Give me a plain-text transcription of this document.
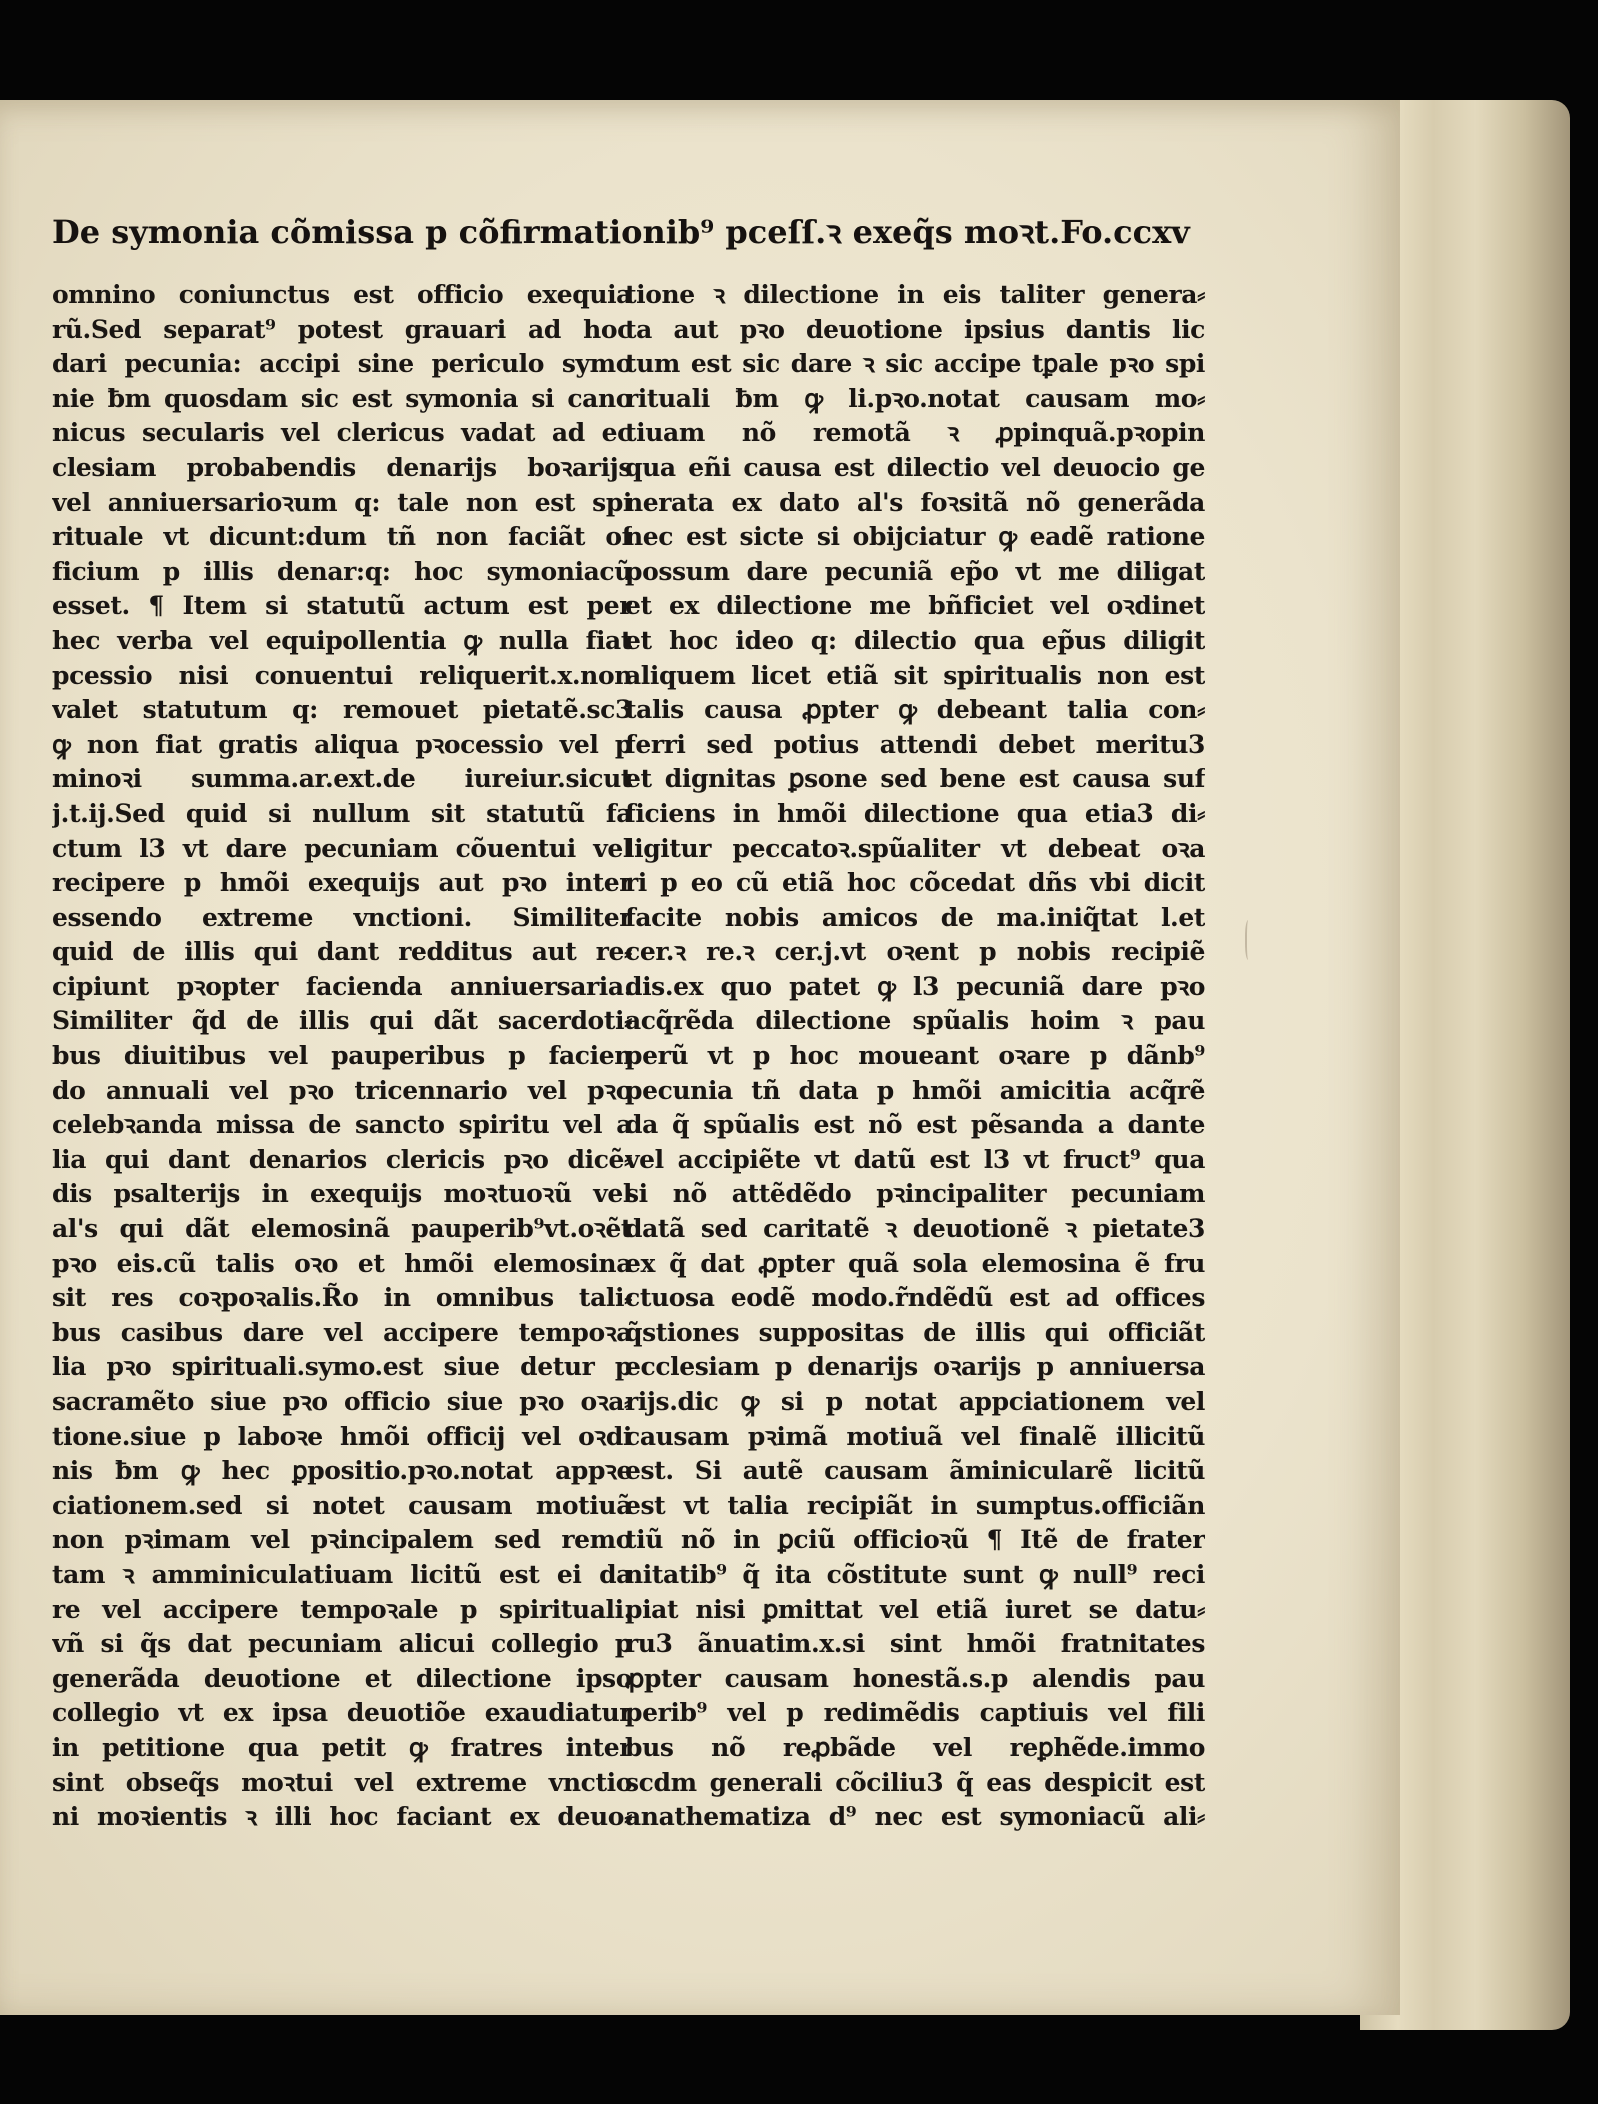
De symonia cõmissa p cõfirmationib⁹ pceſſ.ꝛ exeq̃s moꝛt.Fo.ccxv
omnino coniunctus est officio exequia
rũ.Sed separat⁹ potest grauari ad hoc
dari pecunia: accipi sine periculo symo
nie ƀm quosdam sic est symonia si cano
nicus secularis vel clericus vadat ad ec
clesiam probabendis denarijs boꝛarijs
vel anniuersarioꝛum q: tale non est spi
rituale vt dicunt:dum tñ non faciãt of
ficium p illis denar:q: hoc symoniacũ
esset. ¶ Item si statutũ actum est per
hec verba vel equipollentia ꝙ nulla fiat
pcessio nisi conuentui reliquerit.x.non
valet statutum q: remouet pietatẽ.sc3
ꝙ non fiat gratis aliqua pꝛocessio vel p
minoꝛi summa.ar.ext.de iureiur.sicut
j.t.ij.Sed quid si nullum sit statutũ fa
ctum l3 vt dare pecuniam cõuentui vel
recipere p hmõi exequijs aut pꝛo inter
essendo extreme vnctioni. Similiter
quid de illis qui dant redditus aut re⸗
cipiunt pꝛopter facienda anniuersaria.
Similiter q̃d de illis qui dãt sacerdoti⸗
bus diuitibus vel pauperibus p facien
do annuali vel pꝛo tricennario vel pꝛo
celebꝛanda missa de sancto spiritu vel a
lia qui dant denarios clericis pꝛo dicẽ⸗
dis psalterijs in exequijs moꝛtuoꝛũ vel
al's qui dãt elemosinã pauperib⁹vt.oꝛẽt
pꝛo eis.cũ talis oꝛo et hmõi elemosina
sit res coꝛpoꝛalis.R̃o in omnibus tali⸗
bus casibus dare vel accipere tempoꝛa
lia pꝛo spirituali.symo.est siue detur p
sacramẽto siue pꝛo officio siue pꝛo oꝛa⸗
tione.siue p laboꝛe hmõi officij vel oꝛdi
nis ƀm ꝙ hec ꝑpositio.pꝛo.notat appꝛe
ciationem.sed si notet causam motiuã
non pꝛimam vel pꝛincipalem sed remo
tam ꝛ amminiculatiuam licitũ est ei da
re vel accipere tempoꝛale p spirituali.
vñ si q̃s dat pecuniam alicui collegio p
generãda deuotione et dilectione ipso
collegio vt ex ipsa deuotiõe exaudiatur
in petitione qua petit ꝙ fratres inter
sint obseq̃s moꝛtui vel extreme vnctio
ni moꝛientis ꝛ illi hoc faciant ex deuo⸗
tione ꝛ dilectione in eis taliter genera⸗
ta aut pꝛo deuotione ipsius dantis lic
tum est sic dare ꝛ sic accipe tꝑale pꝛo spi
rituali ƀm ꝙ li.pꝛo.notat causam mo⸗
tiuam nõ remotã ꝛ ꝓpinquã.pꝛopin
qua eñi causa est dilectio vel deuocio ge
nerata ex dato al's foꝛsitã nõ generãda
nec est sicte si obijciatur ꝙ eadẽ ratione
possum dare pecuniã ep̃o vt me diligat
et ex dilectione me bñficiet vel oꝛdinet
et hoc ideo q: dilectio qua ep̃us diligit
aliquem licet etiã sit spiritualis non est
talis causa ꝓpter ꝙ debeant talia con⸗
ferri sed potius attendi debet meritu3
et dignitas ꝑsone sed bene est causa suf
ficiens in hmõi dilectione qua etia3 di⸗
ligitur peccatoꝛ.spũaliter vt debeat oꝛa
ri p eo cũ etiã hoc cõcedat dñs vbi dicit
facite nobis amicos de ma.iniq̃tat l.et
cer.ꝛ re.ꝛ cer.j.vt oꝛent p nobis recipiẽ
dis.ex quo patet ꝙ l3 pecuniã dare pꝛo
acq̃rẽda dilectione spũalis hoim ꝛ pau
perũ vt p hoc moueant oꝛare p dãnb⁹
pecunia tñ data p hmõi amicitia acq̃rẽ
da q̃ spũalis est nõ est pẽsanda a dante
vel accipiẽte vt datũ est l3 vt fruct⁹ qua
si nõ attẽdẽdo pꝛincipaliter pecuniam
datã sed caritatẽ ꝛ deuotionẽ ꝛ pietate3
ex q̃ dat ꝓpter quã sola elemosina ẽ fru
ctuosa eodẽ modo.r̃ndẽdũ est ad offices
q̃stiones suppositas de illis qui officiãt
ecclesiam p denarijs oꝛarijs p anniuersa
rijs.dic ꝙ si p notat appciationem vel
causam pꝛimã motiuã vel finalẽ illicitũ
est. Si autẽ causam ãminicularẽ licitũ
est vt talia recipiãt in sumptus.officiãn
tiũ nõ in ꝑciũ officioꝛũ ¶ Itẽ de frater
nitatib⁹ q̃ ita cõstitute sunt ꝙ null⁹ reci
piat nisi ꝑmittat vel etiã iuret se datu⸗
ru3 ãnuatim.x.si sint hmõi fratnitates
ꝓpter causam honestã.s.p alendis pau
perib⁹ vel p redimẽdis captiuis vel fili
bus nõ reꝓbãde vel reꝑhẽde.immo
scdm generali cõciliu3 q̃ eas despicit est
anathematiza d⁹ nec est symoniacũ ali⸗
